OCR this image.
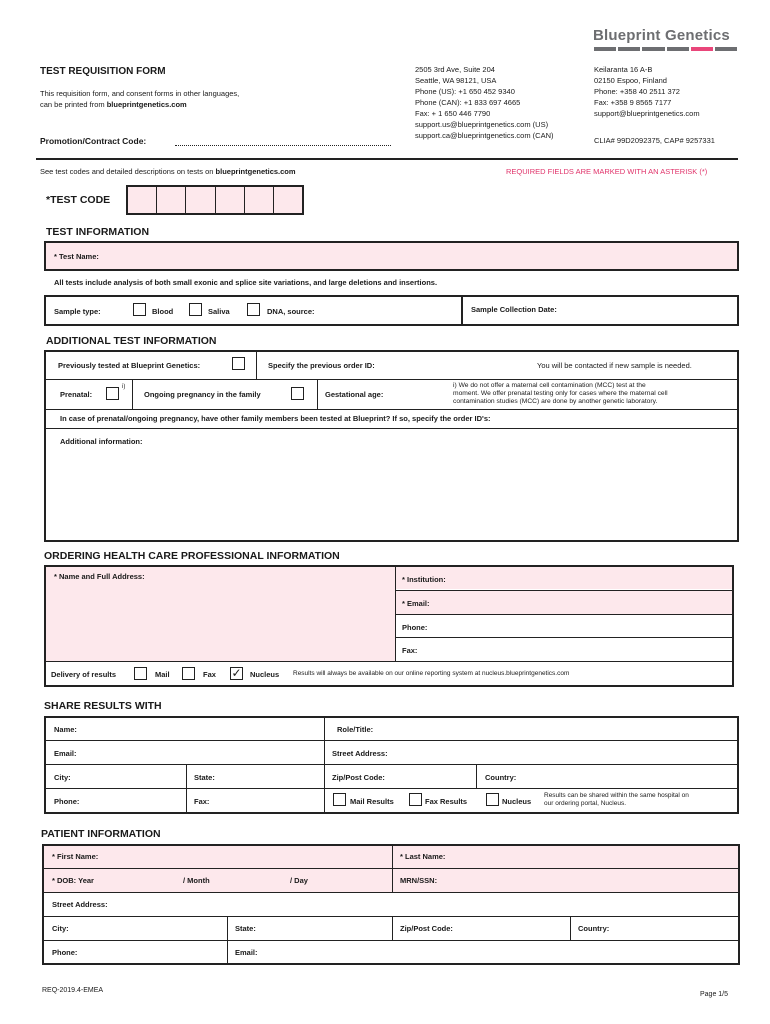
Blueprint Genetics
TEST REQUISITION FORM
This requisition form, and consent forms in other languages,
can be printed from blueprintgenetics.com
Promotion/Contract Code:
2505 3rd Ave, Suite 204
Seattle, WA 98121, USA
Phone (US): +1 650 452 9340
Phone (CAN): +1 833 697 4665
Fax: + 1 650 446 7790
support.us@blueprintgenetics.com (US)
support.ca@blueprintgenetics.com (CAN)
Keilaranta 16 A-B
02150 Espoo, Finland
Phone: +358 40 2511 372
Fax: +358 9 8565 7177
support@blueprintgenetics.com
CLIA# 99D2092375, CAP# 9257331
See test codes and detailed descriptions on tests on blueprintgenetics.com	REQUIRED FIELDS ARE MARKED WITH AN ASTERISK (*)
*TEST CODE
TEST INFORMATION
* Test Name:
All tests include analysis of both small exonic and splice site variations, and large deletions and insertions.
Sample type:	Blood	Saliva	DNA, source:	Sample Collection Date:
ADDITIONAL TEST INFORMATION
Previously tested at Blueprint Genetics:	Specify the previous order ID:	You will be contacted if new sample is needed.
Prenatal:
i)
Ongoing pregnancy in the family	Gestational age:
i) We do not offer a maternal cell contamination (MCC) test at the
moment. We offer prenatal testing only for cases where the maternal cell
contamination studies (MCC) are done by another genetic laboratory.
In case of prenatal/ongoing pregnancy, have other family members been tested at Blueprint? If so, specify the order ID's:
Additional information:
ORDERING HEALTH CARE PROFESSIONAL INFORMATION
* Name and Full Address:	* Institution:
* Email:
Phone:
Fax:
Delivery of results	Mail	Fax ✓ Nucleus Results will always be available on our online reporting system at nucleus.blueprintgenetics.com
SHARE RESULTS WITH
Name:	Role/Title:
Email:	Street Address:
City:	State:	Zip/Post Code:	Country:
Phone:	Fax:	Mail Results	Fax Results	Nucleus
Results can be shared within the same hospital on
our ordering portal, Nucleus.
PATIENT INFORMATION
* First Name:	* Last Name:
* DOB: Year	/ Month	/ Day	MRN/SSN:
Street Address:
City:	State:	Zip/Post Code:	Country:
Phone:	Email:
REQ-2019.4-EMEA
Page 1/5
